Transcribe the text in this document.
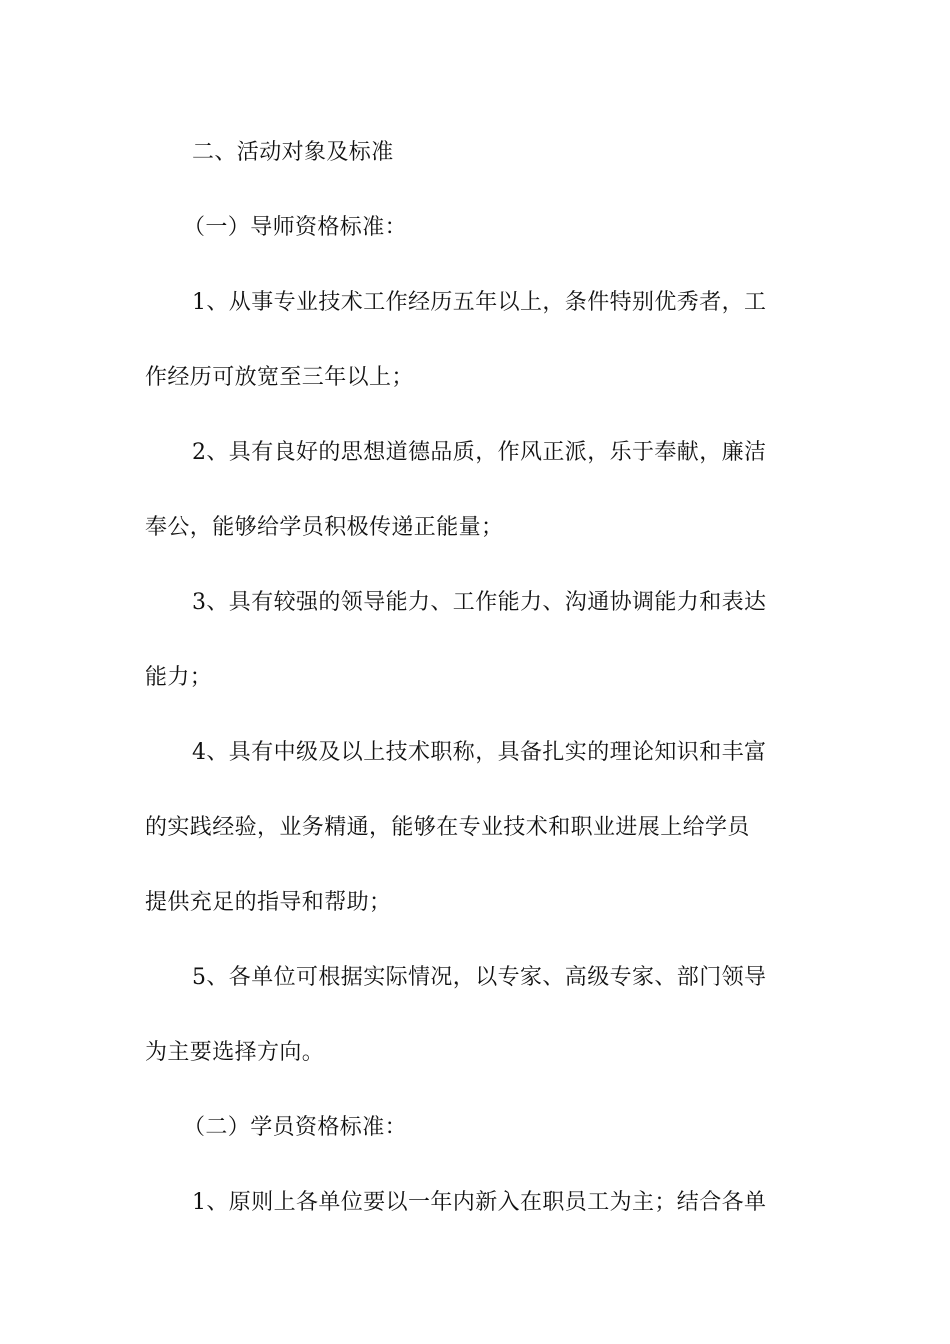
二、活动对象及标准
（一）导师资格标准：
1、从事专业技术工作经历五年以上，条件特别优秀者，工
作经历可放宽至三年以上；
2、具有良好的思想道德品质，作风正派，乐于奉献，廉洁
奉公，能够给学员积极传递正能量；
3、具有较强的领导能力、工作能力、沟通协调能力和表达
能力；
4、具有中级及以上技术职称，具备扎实的理论知识和丰富
的实践经验，业务精通，能够在专业技术和职业进展上给学员
提供充足的指导和帮助；
5、各单位可根据实际情况，以专家、高级专家、部门领导
为主要选择方向。
（二）学员资格标准：
1、原则上各单位要以一年内新入在职员工为主；结合各单
